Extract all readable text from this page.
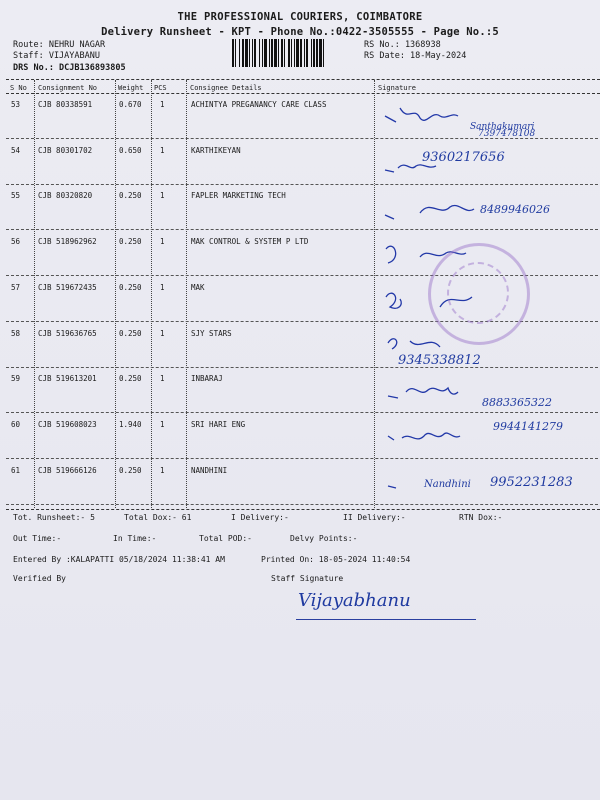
THE PROFESSIONAL COURIERS, COIMBATORE
Delivery Runsheet - KPT - Phone No.:0422-3505555 - Page No.:5
Route: NEHRU NAGAR
Staff: VIJAYABANU
DRS No.: DCJB136893805
RS No.: 1368938
RS Date: 18-May-2024
S No Consignment No	Weight PCS	Consignee Details	Signature
53 CJB 80338591	0.670 1	ACHINTYA PREGANANCY CARE CLASS
Santhakumari
7397478108
54 CJB 80301702	0.650 1	KARTHIKEYAN	9360217656
55 CJB 80320820	0.250 1	FAPLER MARKETING TECH
8489946026
56 CJB 518962962	0.250 1	MAK CONTROL & SYSTEM P LTD
57 CJB 519672435	0.250 1	MAK
58 CJB 519636765	0.250 1	SJY STARS
9345338812
59 CJB 519613201	0.250 1	INBARAJ
8883365322
60 CJB 519608023	1.940 1	SRI HARI ENG	9944141279
61 CJB 519666126	0.250 1	NANDHINI
Nandhini 9952231283
Tot. Runsheet:- 5	Total Dox:- 61	I Delivery:-	II Delivery:-	RTN Dox:-
Out Time:-	In Time:-	Total POD:-	Delvy Points:-
Entered By :KALAPATTI 05/18/2024 11:38:41 AM	Printed On: 18-05-2024 11:40:54
Verified By	Staff Signature
Vijayabhanu
